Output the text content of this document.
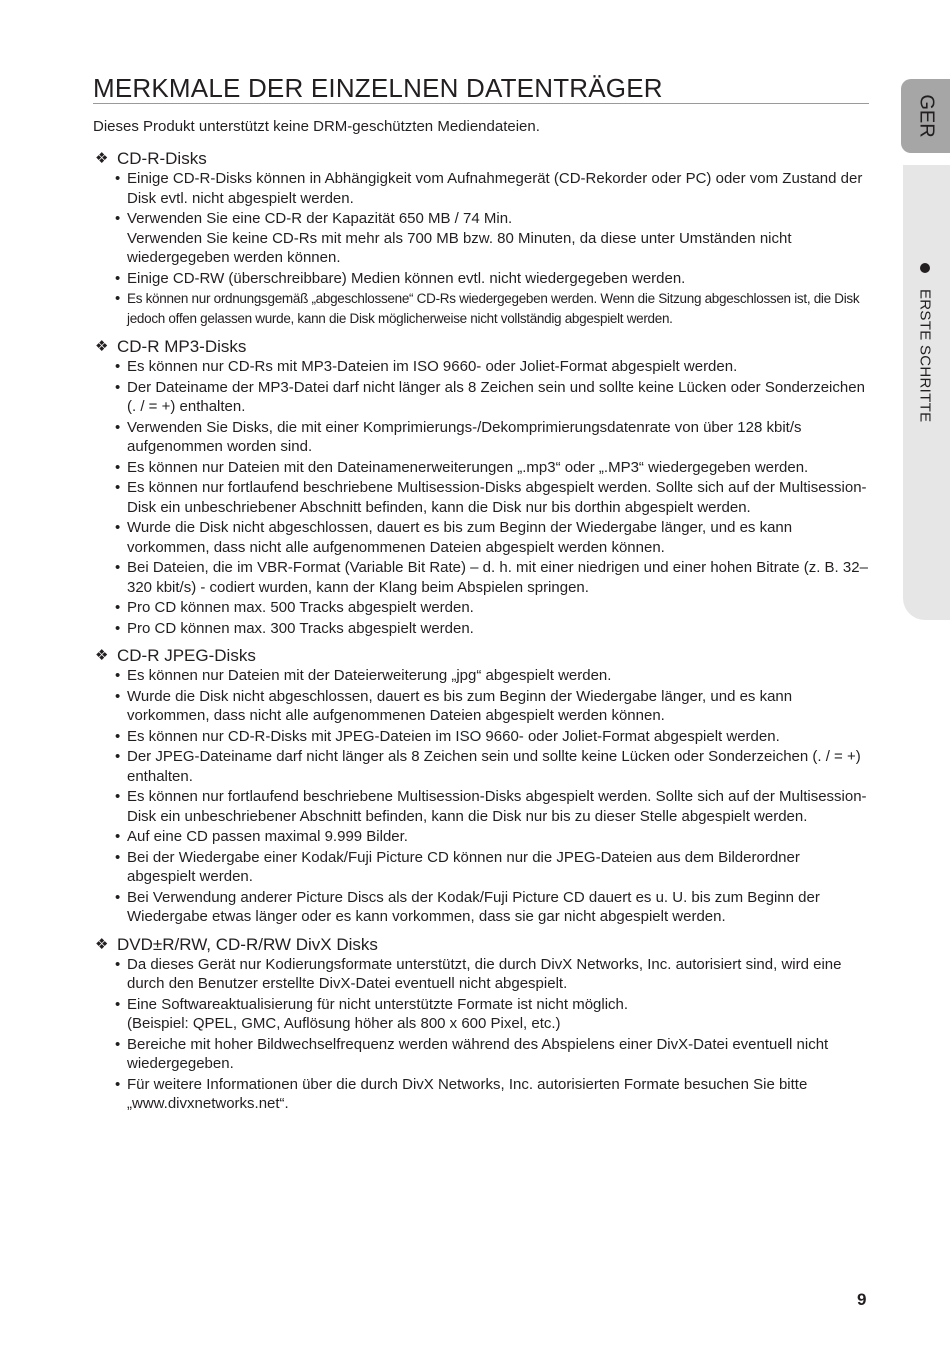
MERKMALE DER EINZELNEN DATENTRÄGER
Dieses Produkt unterstützt keine DRM-geschützten Mediendateien.
❖ CD-R-Disks
• Einige CD-R-Disks können in Abhängigkeit vom Aufnahmegerät (CD-Rekorder oder PC) oder vom Zustand der Disk evtl. nicht abgespielt werden.
• Verwenden Sie eine CD-R der Kapazität 650 MB / 74 Min.
Verwenden Sie keine CD-Rs mit mehr als 700 MB bzw. 80 Minuten, da diese unter Umständen nicht wiedergegeben werden können.
• Einige CD-RW (überschreibbare) Medien können evtl. nicht wiedergegeben werden.
• Es können nur ordnungsgemäß „abgeschlossene“ CD-Rs wiedergegeben werden. Wenn die Sitzung abgeschlossen ist, die Disk jedoch offen gelassen wurde, kann die Disk möglicherweise nicht vollständig abgespielt werden.
❖ CD-R MP3-Disks
• Es können nur CD-Rs mit MP3-Dateien im ISO 9660- oder Joliet-Format abgespielt werden.
• Der Dateiname der MP3-Datei darf nicht länger als 8 Zeichen sein und sollte keine Lücken oder Sonderzeichen (. / = +) enthalten.
• Verwenden Sie Disks, die mit einer Komprimierungs-/Dekomprimierungsdatenrate von über 128 kbit/s aufgenommen worden sind.
• Es können nur Dateien mit den Dateinamenerweiterungen „.mp3“ oder „.MP3“ wiedergegeben werden.
• Es können nur fortlaufend beschriebene Multisession-Disks abgespielt werden. Sollte sich auf der Multisession-Disk ein unbeschriebener Abschnitt befinden, kann die Disk nur bis dorthin abgespielt werden.
• Wurde die Disk nicht abgeschlossen, dauert es bis zum Beginn der Wiedergabe länger, und es kann vorkommen, dass nicht alle aufgenommenen Dateien abgespielt werden können.
• Bei Dateien, die im VBR-Format (Variable Bit Rate) – d. h. mit einer niedrigen und einer hohen Bitrate (z. B. 32–320 kbit/s) - codiert wurden, kann der Klang beim Abspielen springen.
• Pro CD können max. 500 Tracks abgespielt werden.
• Pro CD können max. 300 Tracks abgespielt werden.
❖ CD-R JPEG-Disks
• Es können nur Dateien mit der Dateierweiterung „jpg“ abgespielt werden.
• Wurde die Disk nicht abgeschlossen, dauert es bis zum Beginn der Wiedergabe länger, und es kann vorkommen, dass nicht alle aufgenommenen Dateien abgespielt werden können.
• Es können nur CD-R-Disks mit JPEG-Dateien im ISO 9660- oder Joliet-Format abgespielt werden.
• Der JPEG-Dateiname darf nicht länger als 8 Zeichen sein und sollte keine Lücken oder Sonderzeichen (. / = +) enthalten.
• Es können nur fortlaufend beschriebene Multisession-Disks abgespielt werden. Sollte sich auf der Multisession-Disk ein unbeschriebener Abschnitt befinden, kann die Disk nur bis zu dieser Stelle abgespielt werden.
• Auf eine CD passen maximal 9.999 Bilder.
• Bei der Wiedergabe einer Kodak/Fuji Picture CD können nur die JPEG-Dateien aus dem Bilderordner abgespielt werden.
• Bei Verwendung anderer Picture Discs als der Kodak/Fuji Picture CD dauert es u. U. bis zum Beginn der Wiedergabe etwas länger oder es kann vorkommen, dass sie gar nicht abgespielt werden.
❖ DVD±R/RW, CD-R/RW DivX Disks
• Da dieses Gerät nur Kodierungsformate unterstützt, die durch DivX Networks, Inc. autorisiert sind, wird eine durch den Benutzer erstellte DivX-Datei eventuell nicht abgespielt.
• Eine Softwareaktualisierung für nicht unterstützte Formate ist nicht möglich.
(Beispiel: QPEL, GMC, Auflösung höher als 800 x 600 Pixel, etc.)
• Bereiche mit hoher Bildwechselfrequenz werden während des Abspielens einer DivX-Datei eventuell nicht wiedergegeben.
• Für weitere Informationen über die durch DivX Networks, Inc. autorisierten Formate besuchen Sie bitte „www.divxnetworks.net“.
GER
ERSTE SCHRITTE
9
